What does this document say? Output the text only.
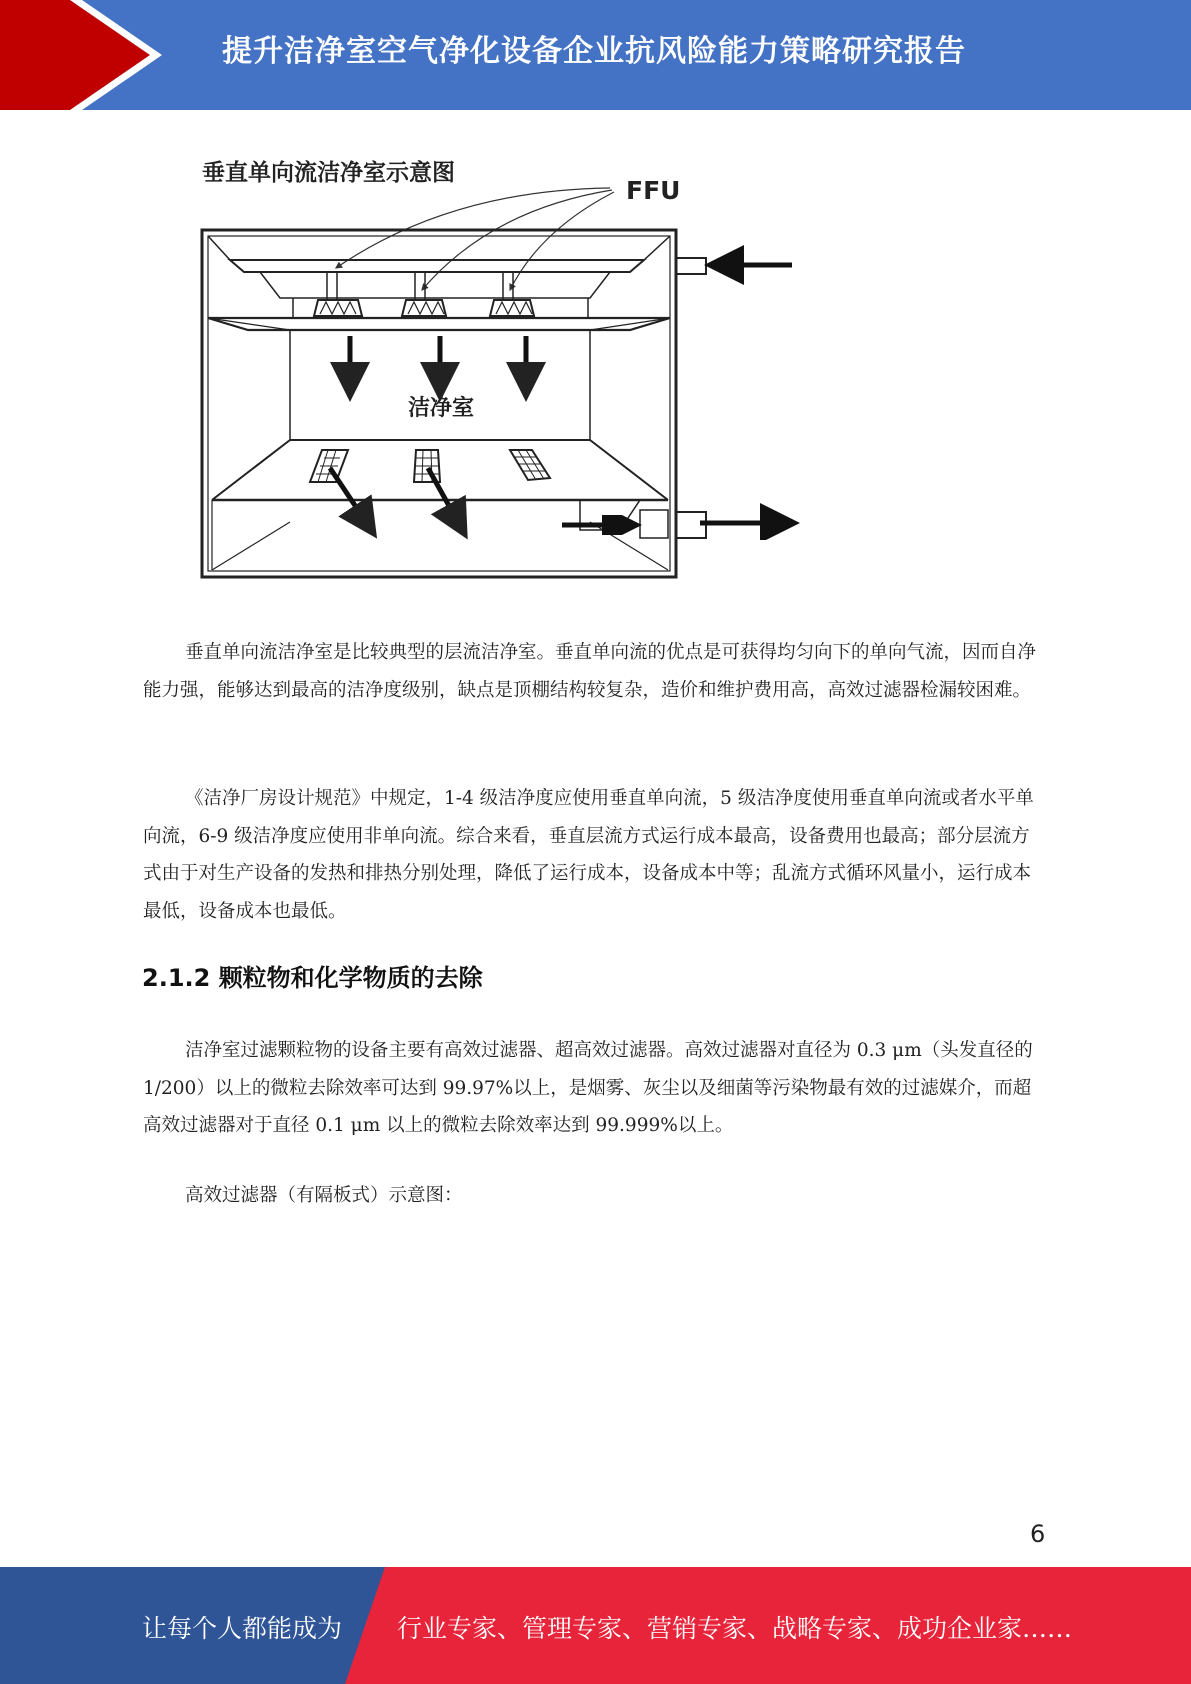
提升洁净室空气净化设备企业抗风险能力策略研究报告
垂直单向流洁净室示意图
FFU
洁净室

垂直单向流洁净室是比较典型的层流洁净室。垂直单向流的优点是可获得均匀向下的单向气流，因而自净能力强，能够达到最高的洁净度级别，缺点是顶棚结构较复杂，造价和维护费用高，高效过滤器检漏较困难。

《洁净厂房设计规范》中规定，1-4 级洁净度应使用垂直单向流，5 级洁净度使用垂直单向流或者水平单向流，6-9 级洁净度应使用非单向流。综合来看，垂直层流方式运行成本最高，设备费用也最高；部分层流方式由于对生产设备的发热和排热分别处理，降低了运行成本，设备成本中等；乱流方式循环风量小，运行成本最低，设备成本也最低。

2.1.2 颗粒物和化学物质的去除

洁净室过滤颗粒物的设备主要有高效过滤器、超高效过滤器。高效过滤器对直径为 0.3 μm（头发直径的 1/200）以上的微粒去除效率可达到 99.97%以上，是烟雾、灰尘以及细菌等污染物最有效的过滤媒介，而超高效过滤器对于直径 0.1 μm 以上的微粒去除效率达到 99.999%以上。

高效过滤器（有隔板式）示意图：

6
让每个人都能成为 行业专家、管理专家、营销专家、战略专家、成功企业家……
